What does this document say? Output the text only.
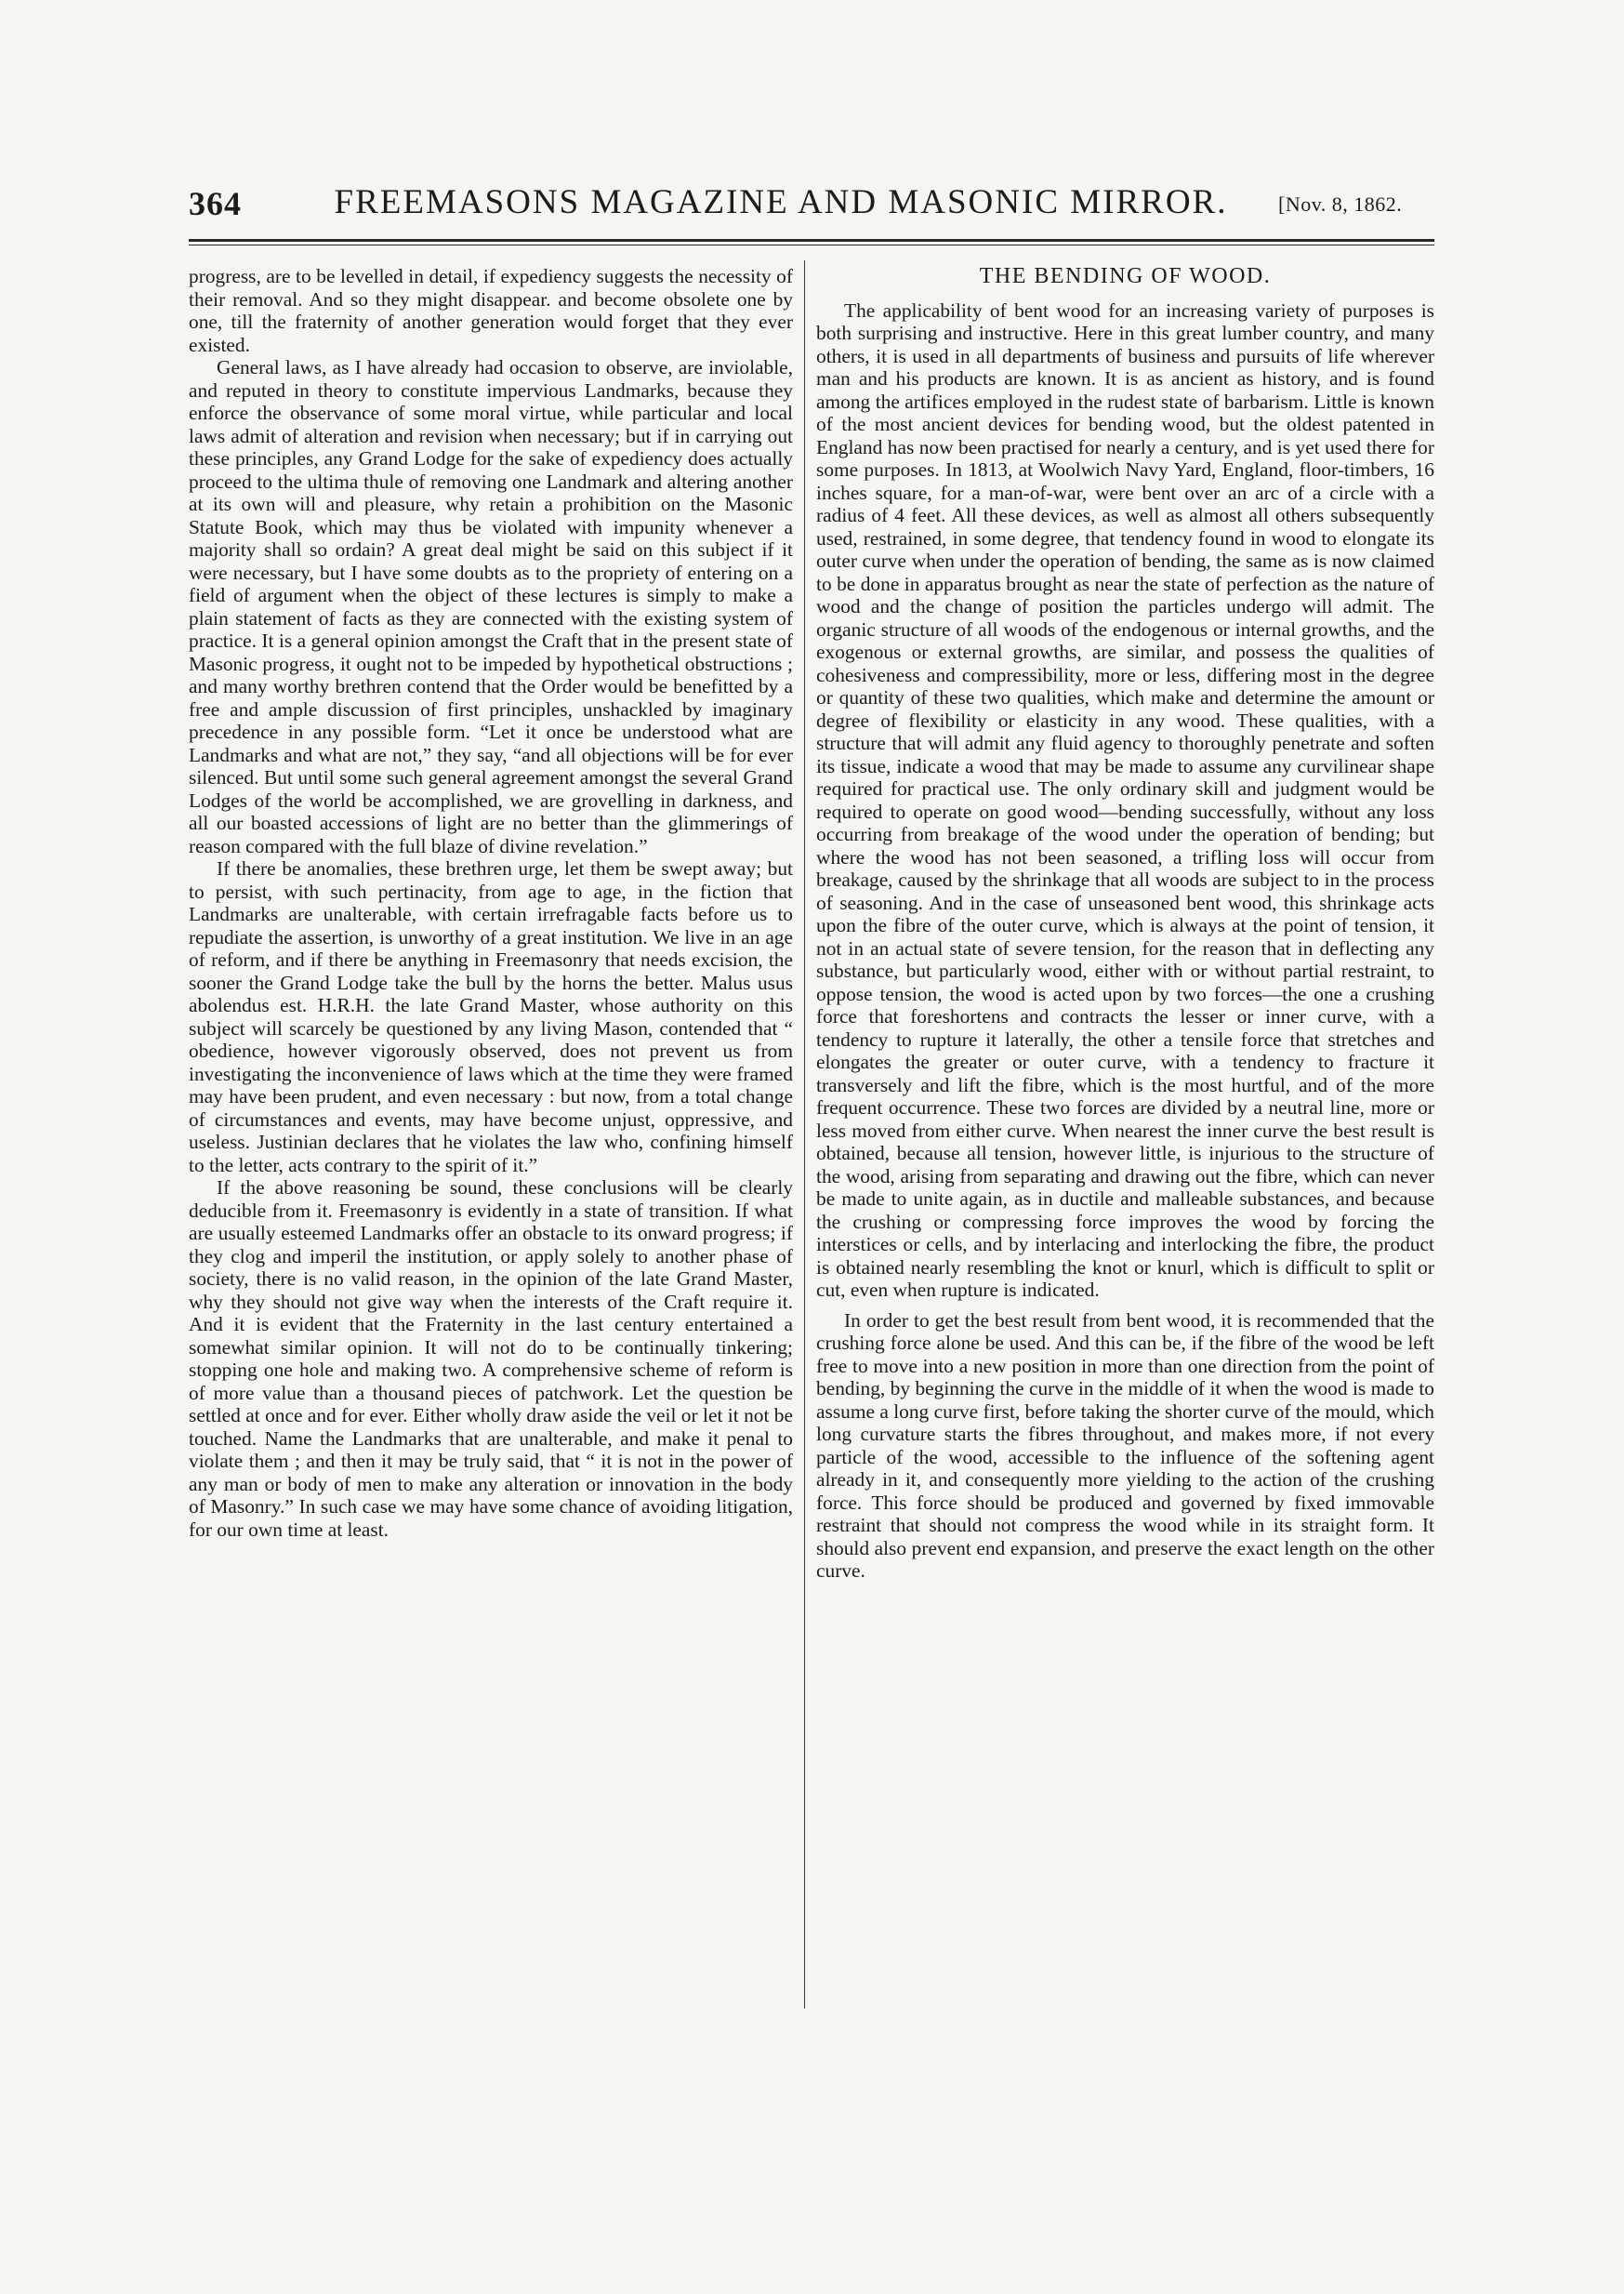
364	FREEMASONS MAGAZINE AND MASONIC MIRROR.	[Nov. 8, 1862.

progress, are to be levelled in detail, if expediency suggests the necessity of their removal. And so they might disappear. and become obsolete one by one, till the fraternity of another generation would forget that they ever existed.

General laws, as I have already had occasion to observe, are inviolable, and reputed in theory to constitute impervious Landmarks, because they enforce the observance of some moral virtue, while particular and local laws admit of alteration and revision when necessary; but if in carrying out these principles, any Grand Lodge for the sake of expediency does actually proceed to the ultima thule of removing one Landmark and altering another at its own will and pleasure, why retain a prohibition on the Masonic Statute Book, which may thus be violated with impunity whenever a majority shall so ordain? A great deal might be said on this subject if it were necessary, but I have some doubts as to the propriety of entering on a field of argument when the object of these lectures is simply to make a plain statement of facts as they are connected with the existing system of practice. It is a general opinion amongst the Craft that in the present state of Masonic progress, it ought not to be impeded by hypothetical obstructions ; and many worthy brethren contend that the Order would be benefitted by a free and ample discussion of first principles, unshackled by imaginary precedence in any possible form. “Let it once be understood what are Landmarks and what are not,” they say, “and all objections will be for ever silenced. But until some such general agreement amongst the several Grand Lodges of the world be accomplished, we are grovelling in darkness, and all our boasted accessions of light are no better than the glimmerings of reason compared with the full blaze of divine revelation.”

If there be anomalies, these brethren urge, let them be swept away; but to persist, with such pertinacity, from age to age, in the fiction that Landmarks are unalterable, with certain irrefragable facts before us to repudiate the assertion, is unworthy of a great institution. We live in an age of reform, and if there be anything in Freemasonry that needs excision, the sooner the Grand Lodge take the bull by the horns the better. Malus usus abolendus est. H.R.H. the late Grand Master, whose authority on this subject will scarcely be questioned by any living Mason, contended that “ obedience, however vigorously observed, does not prevent us from investigating the inconvenience of laws which at the time they were framed may have been prudent, and even necessary : but now, from a total change of circumstances and events, may have become unjust, oppressive, and useless. Justinian declares that he violates the law who, confining himself to the letter, acts contrary to the spirit of it.”

If the above reasoning be sound, these conclusions will be clearly deducible from it. Freemasonry is evidently in a state of transition. If what are usually esteemed Landmarks offer an obstacle to its onward progress; if they clog and imperil the institution, or apply solely to another phase of society, there is no valid reason, in the opinion of the late Grand Master, why they should not give way when the interests of the Craft require it. And it is evident that the Fraternity in the last century entertained a somewhat similar opinion. It will not do to be continually tinkering; stopping one hole and making two. A comprehensive scheme of reform is of more value than a thousand pieces of patchwork. Let the question be settled at once and for ever. Either wholly draw aside the veil or let it not be touched. Name the Landmarks that are unalterable, and make it penal to violate them ; and then it may be truly said, that “ it is not in the power of any man or body of men to make any alteration or innovation in the body of Masonry.” In such case we may have some chance of avoiding litigation, for our own time at least.

THE BENDING OF WOOD.

The applicability of bent wood for an increasing variety of purposes is both surprising and instructive. Here in this great lumber country, and many others, it is used in all departments of business and pursuits of life wherever man and his products are known. It is as ancient as history, and is found among the artifices employed in the rudest state of barbarism. Little is known of the most ancient devices for bending wood, but the oldest patented in England has now been practised for nearly a century, and is yet used there for some purposes. In 1813, at Woolwich Navy Yard, England, floor-timbers, 16 inches square, for a man-of-war, were bent over an arc of a circle with a radius of 4 feet. All these devices, as well as almost all others subsequently used, restrained, in some degree, that tendency found in wood to elongate its outer curve when under the operation of bending, the same as is now claimed to be done in apparatus brought as near the state of perfection as the nature of wood and the change of position the particles undergo will admit. The organic structure of all woods of the endogenous or internal growths, and the exogenous or external growths, are similar, and possess the qualities of cohesiveness and compressibility, more or less, differing most in the degree or quantity of these two qualities, which make and determine the amount or degree of flexibility or elasticity in any wood. These qualities, with a structure that will admit any fluid agency to thoroughly penetrate and soften its tissue, indicate a wood that may be made to assume any curvilinear shape required for practical use. The only ordinary skill and judgment would be required to operate on good wood—bending successfully, without any loss occurring from breakage of the wood under the operation of bending; but where the wood has not been seasoned, a trifling loss will occur from breakage, caused by the shrinkage that all woods are subject to in the process of seasoning. And in the case of unseasoned bent wood, this shrinkage acts upon the fibre of the outer curve, which is always at the point of tension, it not in an actual state of severe tension, for the reason that in deflecting any substance, but particularly wood, either with or without partial restraint, to oppose tension, the wood is acted upon by two forces—the one a crushing force that foreshortens and contracts the lesser or inner curve, with a tendency to rupture it laterally, the other a tensile force that stretches and elongates the greater or outer curve, with a tendency to fracture it transversely and lift the fibre, which is the most hurtful, and of the more frequent occurrence. These two forces are divided by a neutral line, more or less moved from either curve. When nearest the inner curve the best result is obtained, because all tension, however little, is injurious to the structure of the wood, arising from separating and drawing out the fibre, which can never be made to unite again, as in ductile and malleable substances, and because the crushing or compressing force improves the wood by forcing the interstices or cells, and by interlacing and interlocking the fibre, the product is obtained nearly resembling the knot or knurl, which is difficult to split or cut, even when rupture is indicated.

In order to get the best result from bent wood, it is recommended that the crushing force alone be used. And this can be, if the fibre of the wood be left free to move into a new position in more than one direction from the point of bending, by beginning the curve in the middle of it when the wood is made to assume a long curve first, before taking the shorter curve of the mould, which long curvature starts the fibres throughout, and makes more, if not every particle of the wood, accessible to the influence of the softening agent already in it, and consequently more yielding to the action of the crushing force. This force should be produced and governed by fixed immovable restraint that should not compress the wood while in its straight form. It should also prevent end expansion, and preserve the exact length on the other curve.
